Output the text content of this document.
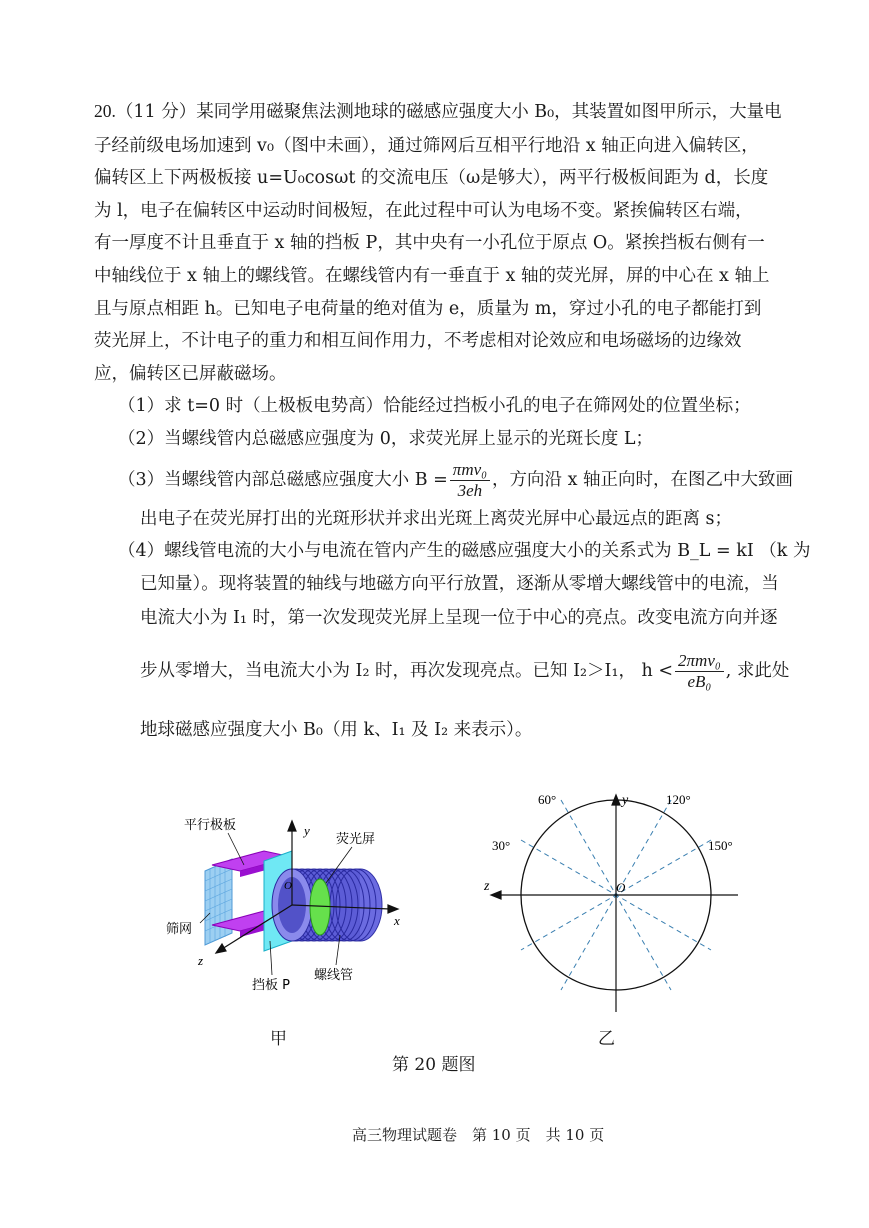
20.（11 分）某同学用磁聚焦法测地球的磁感应强度大小 B₀，其装置如图甲所示，大量电
子经前级电场加速到 v₀（图中未画），通过筛网后互相平行地沿 x 轴正向进入偏转区，
偏转区上下两极板接 u=U₀cosωt 的交流电压（ω是够大），两平行极板间距为 d，长度
为 l，电子在偏转区中运动时间极短，在此过程中可认为电场不变。紧挨偏转区右端，
有一厚度不计且垂直于 x 轴的挡板 P，其中央有一小孔位于原点 O。紧挨挡板右侧有一
中轴线位于 x 轴上的螺线管。在螺线管内有一垂直于 x 轴的荧光屏，屏的中心在 x 轴上
且与原点相距 h。已知电子电荷量的绝对值为 e，质量为 m，穿过小孔的电子都能打到
荧光屏上，不计电子的重力和相互间作用力，不考虑相对论效应和电场磁场的边缘效
应，偏转区已屏蔽磁场。
（1）求 t=0 时（上极板电势高）恰能经过挡板小孔的电子在筛网处的位置坐标；
（2）当螺线管内总磁感应强度为 0，求荧光屏上显示的光斑长度 L；
（3）当螺线管内部总磁感应强度大小 $B = \frac{\text{πmv₀}}{3eh}$ ，方向沿 x 轴正向时，在图乙中大致画
出电子在荧光屏打出的光斑形状并求出光斑上离荧光屏中心最远点的距离 s；
（4）螺线管电流的大小与电流在管内产生的磁感应强度大小的关系式为 B_L = kI （k 为
已知量）。现将装置的轴线与地磁方向平行放置，逐渐从零增大螺线管中的电流，当
电流大小为 I₁ 时，第一次发现荧光屏上呈现一位于中心的亮点。改变电流方向并逐
步从零增大，当电流大小为 I₂ 时，再次发现亮点。已知 I₂＞I₁， $h < \frac{\text{2πmv₀}}{\text{eB₀}}$ , 求此处
地球磁感应强度大小 B₀（用 k、I₁ 及 I₂ 来表示）。
y
x
z
O
平行极板
荧光屏
筛网
挡板 P
螺线管
甲
y
z	O
60°	120°
30°	150°
乙
第 20 题图
高三物理试题卷　第 10 页　共 10 页
